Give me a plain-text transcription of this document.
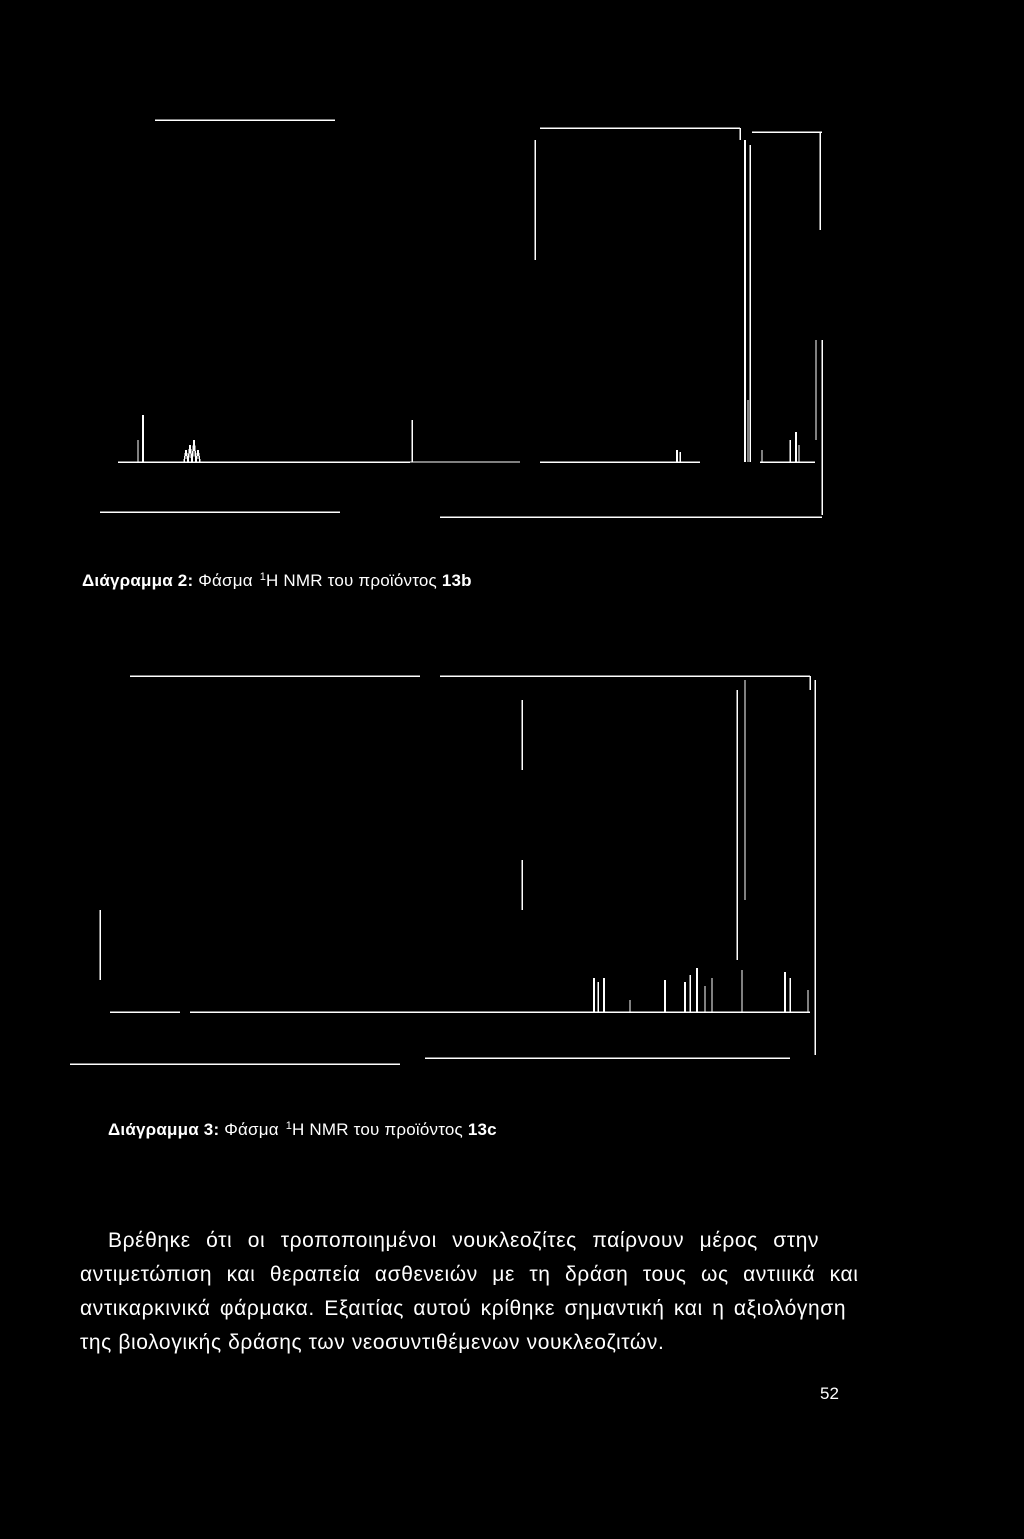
Διάγραμμα 2: Φάσμα $^1$H NMR του προϊόντος 13b
Διάγραμμα 3: Φάσμα $^1$H NMR του προϊόντος 13c
Βρέθηκε ότι οι τροποποιημένοι νουκλεοζίτες παίρνουν μέρος στην
αντιμετώπιση και θεραπεία ασθενειών με τη δράση τους ως αντιιικά και
αντικαρκινικά φάρμακα. Εξαιτίας αυτού κρίθηκε σημαντική και η αξιολόγηση
της βιολογικής δράσης των νεοσυντιθέμενων νουκλεοζιτών.
52
